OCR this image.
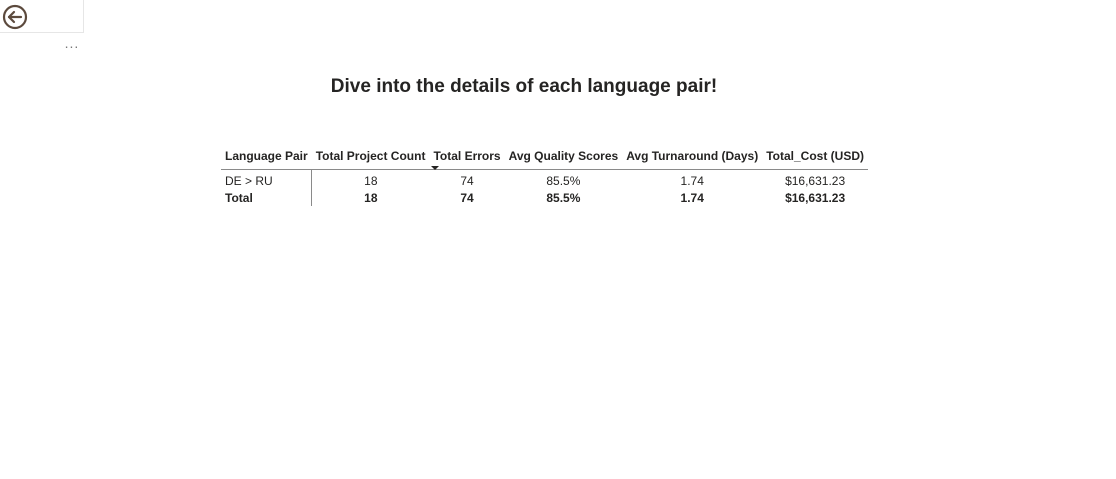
...
Dive into the details of each language pair!
Language Pair	Total Project Count	Total Errors	Avg Quality Scores	Avg Turnaround (Days)	Total_Cost (USD)
DE > RU	18	74	85.5%	1.74	$16,631.23
Total	18	74	85.5%	1.74	$16,631.23
